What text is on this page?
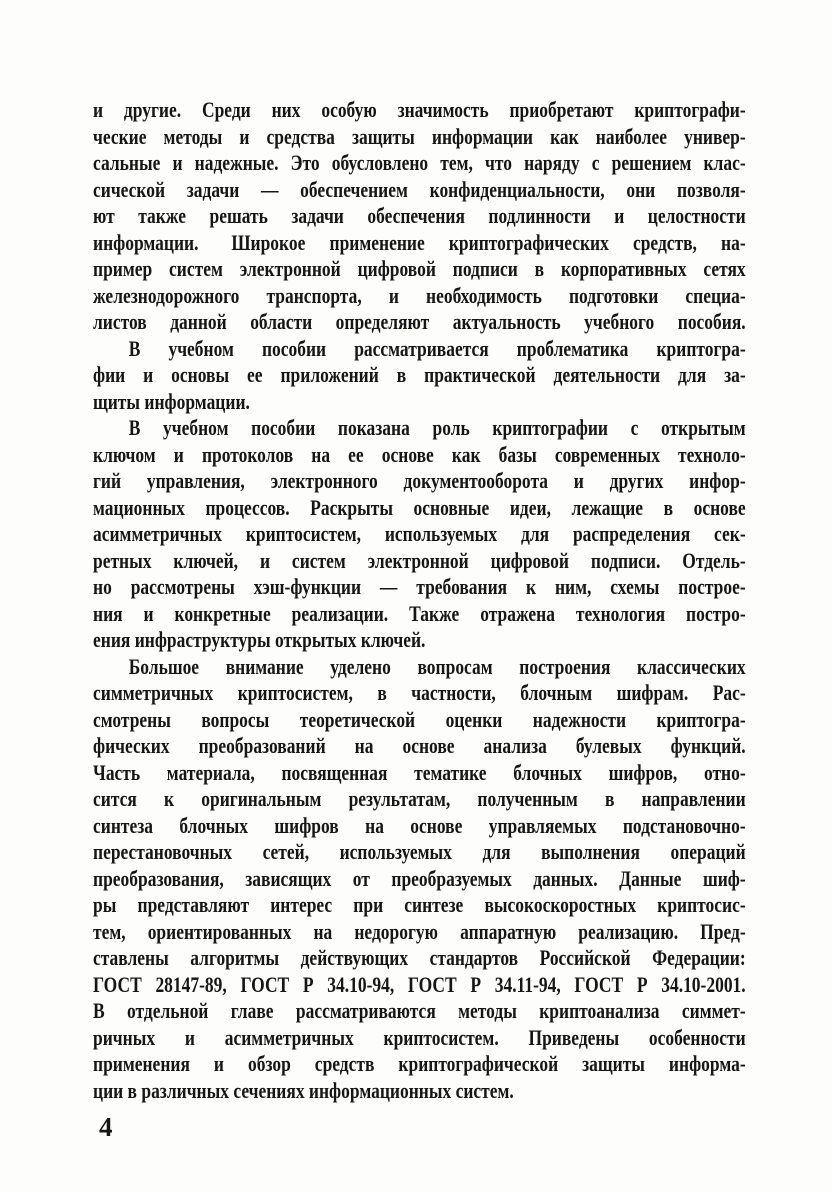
и другие. Среди них особую значимость приобретают криптографи-
ческие методы и средства защиты информации как наиболее универ-
сальные и надежные. Это обусловлено тем, что наряду с решением клас-
сической задачи — обеспечением конфиденциальности, они позволя-
ют также решать задачи обеспечения подлинности и целостности
информации.  Широкое применение криптографических средств, на-
пример систем электронной цифровой подписи в корпоративных сетях
железнодорожного транспорта, и необходимость подготовки специа-
листов данной области определяют актуальность учебного пособия.
В учебном пособии рассматривается проблематика криптогра-
фии и основы ее приложений в практической деятельности для за-
щиты информации.
В учебном пособии показана роль криптографии с открытым
ключом и протоколов на ее основе как базы современных техноло-
гий управления, электронного документооборота и других инфор-
мационных процессов. Раскрыты основные идеи, лежащие в основе
асимметричных криптосистем, используемых для распределения сек-
ретных ключей, и систем электронной цифровой подписи. Отдель-
но рассмотрены хэш-функции — требования к ним, схемы построе-
ния и конкретные реализации. Также отражена технология постро-
ения инфраструктуры открытых ключей.
Большое внимание уделено вопросам построения классических
симметричных криптосистем, в частности, блочным шифрам. Рас-
смотрены вопросы теоретической оценки надежности криптогра-
фических преобразований на основе анализа булевых функций.
Часть материала, посвященная тематике блочных шифров, отно-
сится к оригинальным результатам, полученным в направлении
синтеза блочных шифров на основе управляемых подстановочно-
перестановочных сетей, используемых для выполнения операций
преобразования, зависящих от преобразуемых данных. Данные шиф-
ры представляют интерес при синтезе высокоскоростных криптосис-
тем, ориентированных на недорогую аппаратную реализацию. Пред-
ставлены алгоритмы действующих стандартов Российской Федерации:
ГОСТ 28147-89, ГОСТ Р 34.10-94, ГОСТ Р 34.11-94, ГОСТ Р 34.10-2001.
В отдельной главе рассматриваются методы криптоанализа симмет-
ричных и асимметричных криптосистем. Приведены особенности
применения и обзор средств криптографической защиты информа-
ции в различных сечениях информационных систем.
4
